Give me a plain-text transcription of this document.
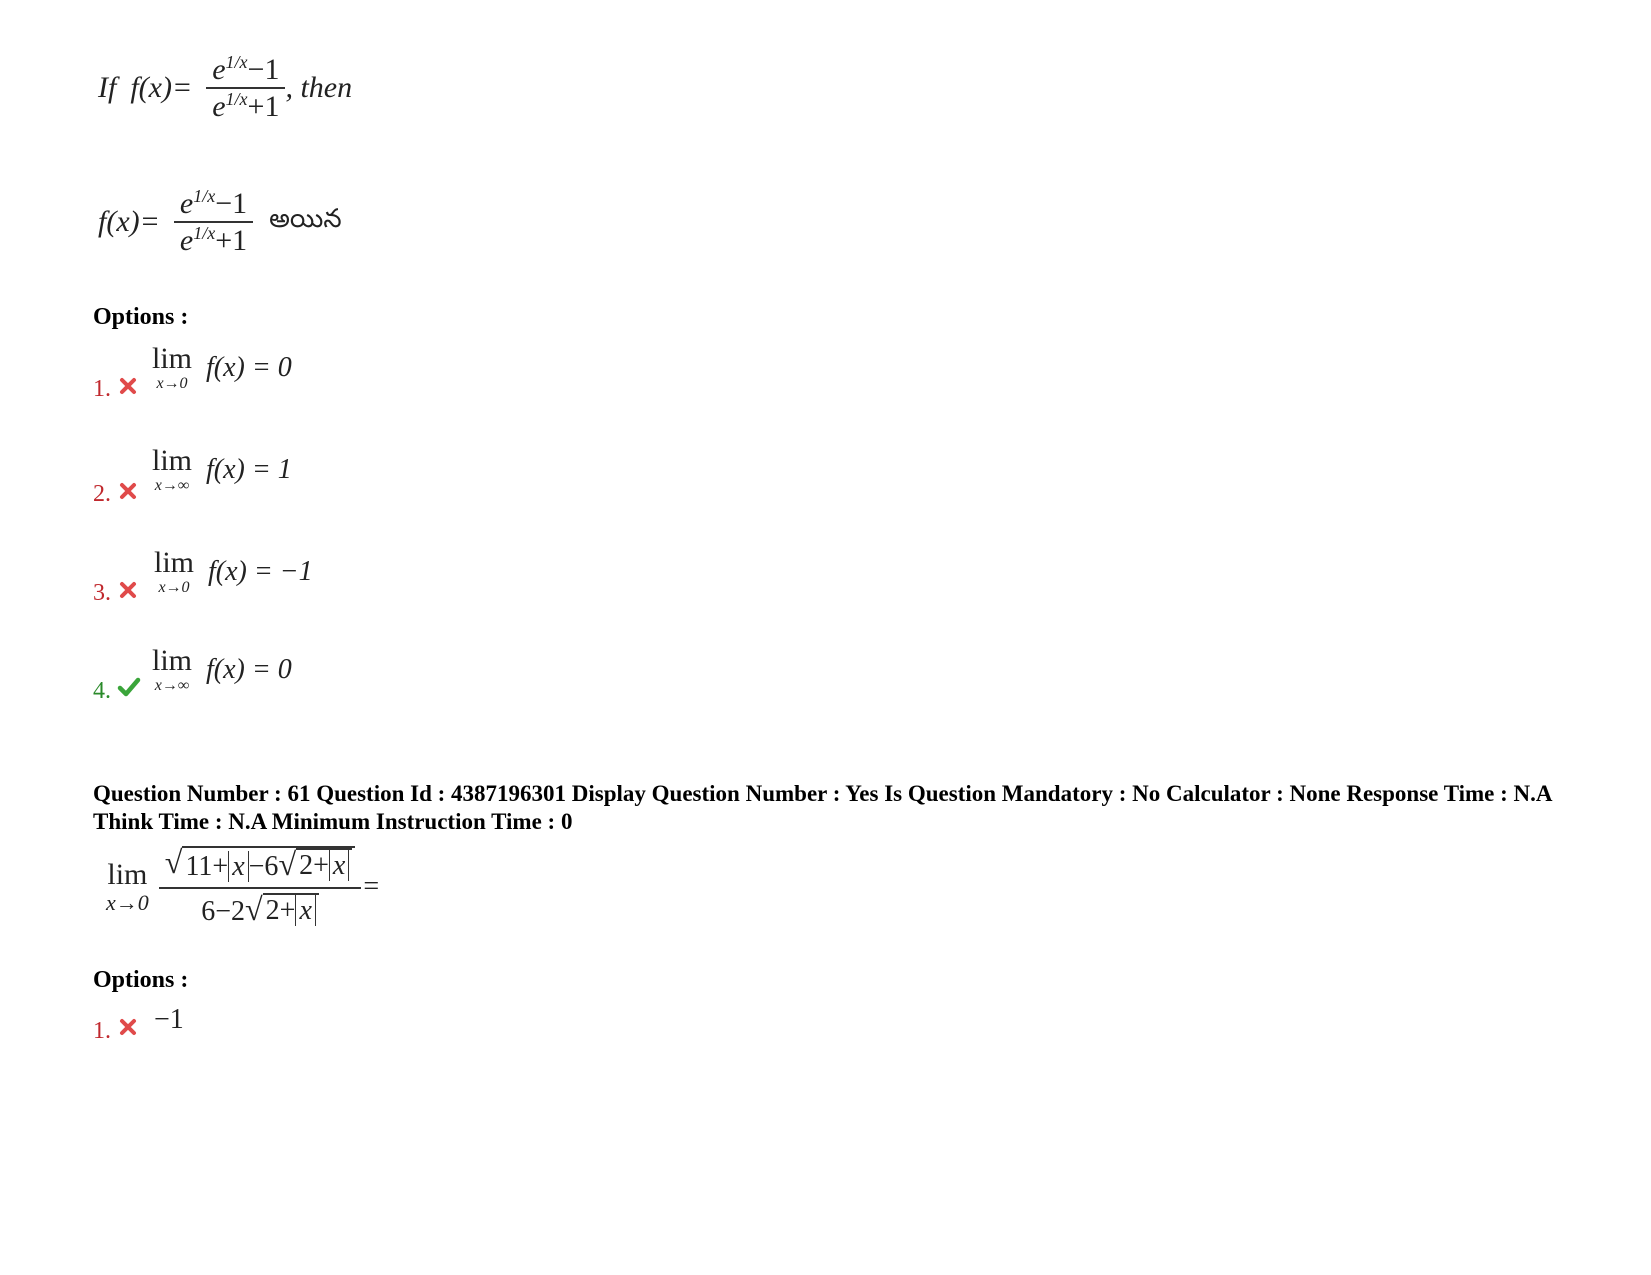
If $f(x)= \frac{e^{1/x}-1}{e^{1/x}+1}$ , then
$f(x)= \frac{e^{1/x}-1}{e^{1/x}+1}$ అయిన
Options :
1.
lim
x→0
f(x) = 0
2.
lim
x→∞
f(x) = 1
3.
lim
x→0
f(x) = −1
4.
lim
x→∞
f(x) = 0
Question Number : 61 Question Id : 4387196301 Display Question Number : Yes Is Question Mandatory : No Calculator : None Response Time : N.A Think Time : N.A Minimum Instruction Time : 0
lim
$x\to 0 \frac{√ 11+ x -6 √ 2+ x}{6-2 √ 2+ x}$ =
Options :
1. −1
